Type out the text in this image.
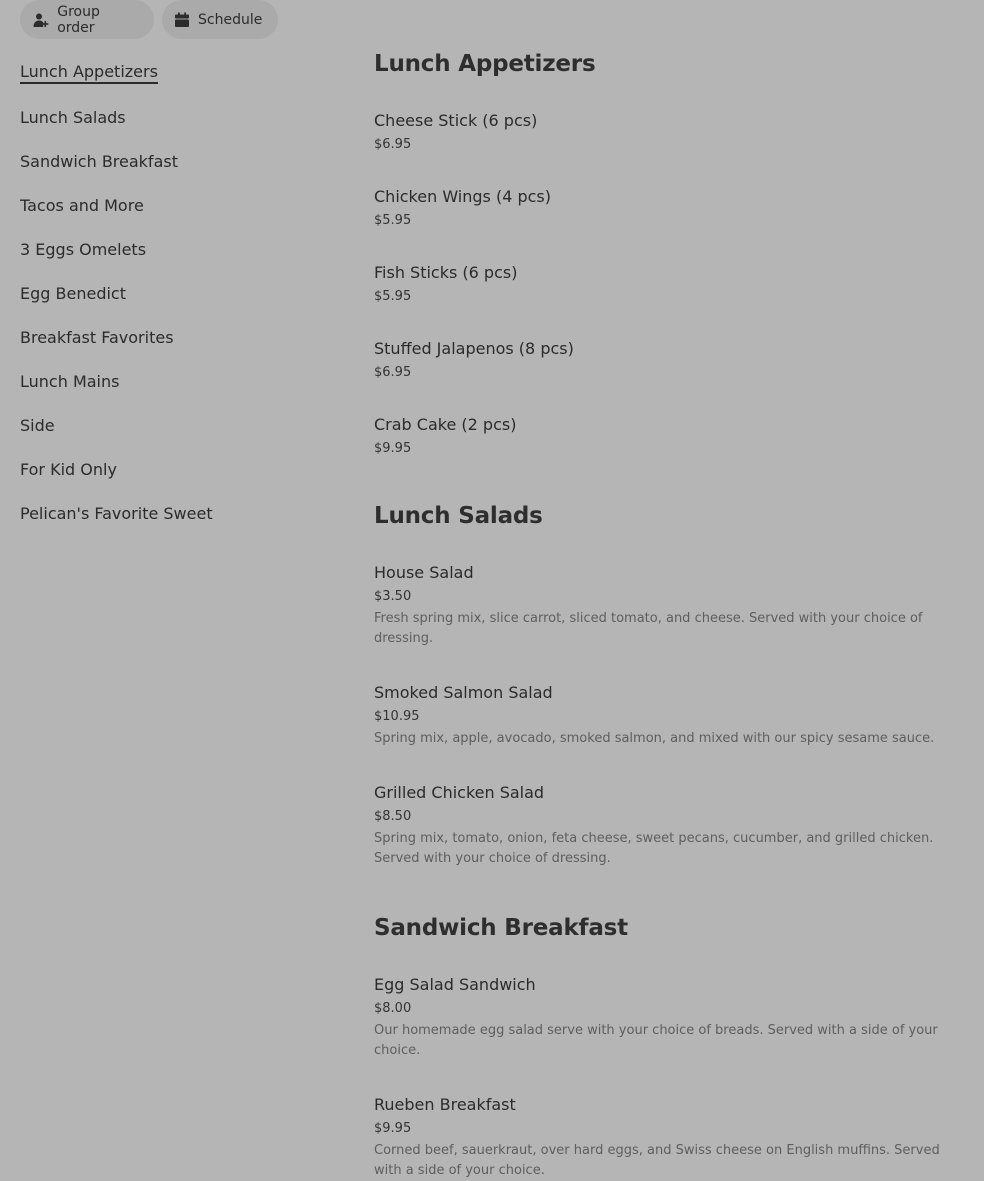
Group order	Schedule
Lunch Appetizers
Lunch Salads
Sandwich Breakfast
Tacos and More
3 Eggs Omelets
Egg Benedict
Breakfast Favorites
Lunch Mains
Side
For Kid Only
Pelican's Favorite Sweet
Lunch Appetizers
Cheese Stick (6 pcs)
$6.95
Chicken Wings (4 pcs)
$5.95
Fish Sticks (6 pcs)
$5.95
Stuffed Jalapenos (8 pcs)
$6.95
Crab Cake (2 pcs)
$9.95
Lunch Salads
House Salad
$3.50
Fresh spring mix, slice carrot, sliced tomato, and cheese. Served with your choice of dressing.
Smoked Salmon Salad
$10.95
Spring mix, apple, avocado, smoked salmon, and mixed with our spicy sesame sauce.
Grilled Chicken Salad
$8.50
Spring mix, tomato, onion, feta cheese, sweet pecans, cucumber, and grilled chicken. Served with your choice of dressing.
Sandwich Breakfast
Egg Salad Sandwich
$8.00
Our homemade egg salad serve with your choice of breads. Served with a side of your choice.
Rueben Breakfast
$9.95
Corned beef, sauerkraut, over hard eggs, and Swiss cheese on English muffins. Served with a side of your choice.
